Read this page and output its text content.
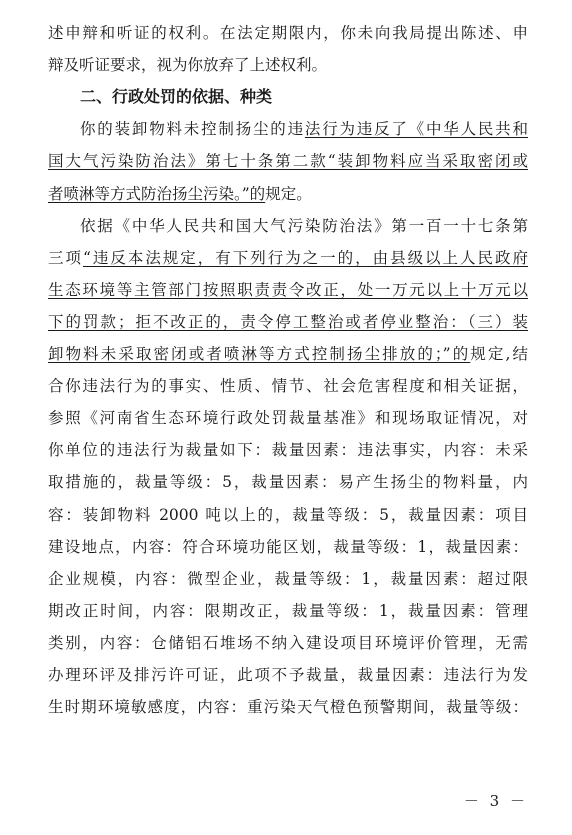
述申辩和听证的权利。在法定期限内，你未向我局提出陈述、申
辩及听证要求，视为你放弃了上述权利。
二、行政处罚的依据、种类
你的装卸物料未控制扬尘的违法行为违反了《中华人民共和
国大气污染防治法》第七十条第二款“装卸物料应当采取密闭或
者喷淋等方式防治扬尘污染。”的规定。
依据《中华人民共和国大气污染防治法》第一百一十七条第
三项“违反本法规定，有下列行为之一的，由县级以上人民政府
生态环境等主管部门按照职责责令改正，处一万元以上十万元以
下的罚款；拒不改正的，责令停工整治或者停业整治：（三）装
卸物料未采取密闭或者喷淋等方式控制扬尘排放的；”的规定,结
合你违法行为的事实、性质、情节、社会危害程度和相关证据，
参照《河南省生态环境行政处罚裁量基准》和现场取证情况，对
你单位的违法行为裁量如下：裁量因素：违法事实，内容：未采
取措施的，裁量等级：5，裁量因素：易产生扬尘的物料量，内
容：装卸物料 2000 吨以上的，裁量等级：5，裁量因素：项目
建设地点，内容：符合环境功能区划，裁量等级：1，裁量因素：
企业规模，内容：微型企业，裁量等级：1，裁量因素：超过限
期改正时间，内容：限期改正，裁量等级：1，裁量因素：管理
类别，内容：仓储铝石堆场不纳入建设项目环境评价管理，无需
办理环评及排污许可证，此项不予裁量，裁量因素：违法行为发
生时期环境敏感度，内容：重污染天气橙色预警期间，裁量等级：
－ 3 －
